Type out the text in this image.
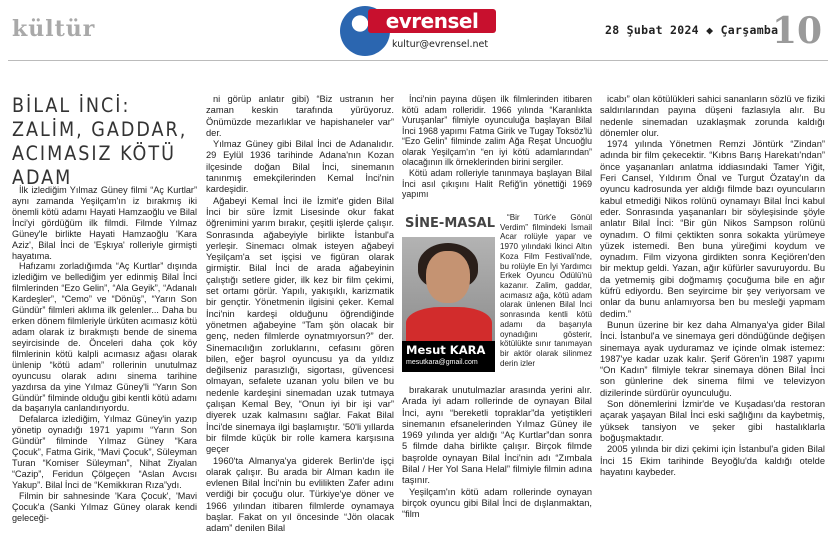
kültür	evrensel
kultur@evrensel.net
28 Şubat 2024 ◆ Çarşamba
10
BİLAL İNCİ: ZALİM, GADDAR, ACIMASIZ KÖTÜ ADAM

İlk izlediğim Yılmaz Güney filmi “Aç Kurtlar” aynı zamanda Yeşilçam'ın iz bırakmış iki önemli kötü adamı Hayati Hamzaoğlu ve Bilal İnci'yi gördüğüm ilk filmdi. Filmde Yılmaz Güney'le birlikte Hayati Hamzaoğlu 'Kara Aziz', Bilal İnci de 'Eşkıya' rolleriyle girmişti hayatıma.

Hafızamı zorladığımda “Aç Kurtlar” dışında izlediğim ve bellediğim yer edinmiş Bilal İnci filmlerinden “Ezo Gelin”, “Ala Geyik”, “Adanalı Kardeşler”, “Cemo” ve “Dönüş”, “Yarın Son Gündür” filmleri aklıma ilk gelenler... Daha bu erken dönem filmleriyle ürküten acımasız kötü adam olarak iz bırakmıştı bende de sinema seyircisinde de. Önceleri daha çok köy filmlerinin kötü kalpli acımasız ağası olarak ünlenip “kötü adam” rollerinin unutulmaz oyuncusu olarak adını sinema tarihine yazdırsa da yine Yılmaz Güney'li “Yarın Son Gündür” filminde olduğu gibi kentli kötü adamı da başarıyla canlandırıyordu.

Defalarca izlediğim, Yılmaz Güney'in yazıp yönetip oynadığı 1971 yapımı “Yarın Son Gündür” filminde Yılmaz Güney “Kara Çocuk”, Fatma Girik, “Mavi Çocuk”, Süleyman Turan “Komiser Süleyman”, Nihat Ziyalan “Cazip”, Feridun Çölgeçen “Aslan Avcısı Yakup”. Bilal İnci de “Kemikkıran Rıza”ydı.

Filmin bir sahnesinde 'Kara Çocuk', 'Mavi Çocuk'a (Sanki Yılmaz Güney olarak kendi geleceği-

ni görüp anlatır gibi) “Biz ustranın her zaman keskin tarafında yürüyoruz. Önümüzde mezarlıklar ve hapishaneler var” der.

Yılmaz Güney gibi Bilal İnci de Adanalıdır. 29 Eylül 1936 tarihinde Adana'nın Kozan ilçesinde doğan Bilal İnci, sinemanın tanınmış emekçilerinden Kemal İnci'nin kardeşidir.

Ağabeyi Kemal İnci ile İzmit'e giden Bilal İnci bir süre İzmit Lisesinde okur fakat öğrenimini yarım bırakır, çeşitli işlerde çalışır. Sonrasında ağabeyiyle birlikte İstanbul'a yerleşir. Sinemacı olmak isteyen ağabeyi Yeşilçam'a set işçisi ve figüran olarak girmiştir. Bilal İnci de arada ağabeyinin çalıştığı setlere gider, ilk kez bir film çekimi, set ortamı görür. Yapılı, yakışıklı, karizmatik bir gençtir. Yönetmenin ilgisini çeker. Kemal İnci'nin kardeşi olduğunu öğrendiğinde yönetmen ağabeyine “Tam şön olacak bir genç, neden filmlerde oynatmıyorsun?” der. Sinemacılığın zorluklarını, cefasını gören bilen, eğer başrol oyuncusu ya da yıldız değilseniz parasızlığı, sigortası, güvencesi olmayan, sefalete uzanan yolu bilen ve bu nedenle kardeşini sinemadan uzak tutmaya çalışan Kemal Bey, “Onun iyi bir işi var” diyerek uzak kalmasını sağlar. Fakat Bilal İnci'de sinemaya ilgi başlamıştır. '50'li yıllarda bir filmde küçük bir rolle kamera karşısına geçer

1960'ta Almanya'ya giderek Berlin'de işçi olarak çalışır. Bu arada bir Alman kadın ile evlenen Bilal İnci'nin bu evlilikten Zafer adını verdiği bir çocuğu olur. Türkiye'ye döner ve 1966 yılından itibaren filmlerde oynamaya başlar. Fakat on yıl öncesinde “Jön olacak adam” denilen Bilal

İnci'nin payına düşen ilk filmlerinden itibaren kötü adam rolleridir. 1966 yılında “Karanlıkta Vuruşanlar” filmiyle oyunculuğa başlayan Bilal İnci 1968 yapımı Fatma Girik ve Tugay Toksöz'lü “Ezo Gelin” filminde zalim Ağa Reşat Uncuoğlu olarak Yeşilçam'ın “en iyi kötü adamlarından” olacağının ilk örneklerinden birini sergiler.

Kötü adam rolleriyle tanınmaya başlayan Bilal İnci asıl çıkışını Halit Refiğ'in yönettiği 1969 yapımı

“Bir Türk'e Gönül Verdim” filmindeki İsmail Acar rolüyle yapar ve 1970 yılındaki İkinci Altın Koza Film Festivali'nde, bu rolüyle En İyi Yardımcı Erkek Oyuncu Ödülü'nü kazanır. Zalim, gaddar, acımasız ağa, kötü adam olarak ünlenen Bilal İnci sonrasında kentli kötü adamı da başarıyla oynadığını gösterir, kötülükte sınır tanımayan bir aktör olarak silinmez derin izler

bırakarak unutulmazlar arasında yerini alır. Arada iyi adam rollerinde de oynayan Bilal İnci, aynı “bereketli topraklar”da yetiştikleri sinemanın efsanelerinden Yılmaz Güney ile 1969 yılında yer aldığı “Aç Kurtlar”dan sonra 5 filmde daha birlikte çalışır. Birçok filmde başrolde oynayan Bilal İnci'nin adı “Zımbala Bilal / Her Yol Sana Helal” filmiyle filmin adına taşınır.

Yeşilçam'ın kötü adam rollerinde oynayan birçok oyuncu gibi Bilal İnci de dışlanmaktan, “film

icabı” olan kötülükleri sahici sananların sözlü ve fiziki saldırılarından payına düşeni fazlasıyla alır. Bu nedenle sinemadan uzaklaşmak zorunda kaldığı dönemler olur.

1974 yılında Yönetmen Remzi Jöntürk “Zindan” adında bir film çekecektir. “Kıbrıs Barış Harekatı'ndan” önce yaşananları anlatma iddiasındaki Tamer Yiğit, Feri Cansel, Yıldırım Önal ve Turgut Özatay'ın da oyuncu kadrosunda yer aldığı filmde bazı oyuncuların kabul etmediği Nikos rolünü oynamayı Bilal İnci kabul eder. Sonrasında yaşananları bir söyleşisinde şöyle anlatır Bilal İnci: “Bir gün Nikos Sampson rolünü oynadım. O filmi çektikten sonra sokakta yürümeye yüzek istemedi. Ben buna yüreğimi koydum ve oynadım. Film vizyona girdikten sonra Keçiören'den bir mektup geldi. Yazan, ağır küfürler savuruyordu. Bu da yetmemiş gibi doğmamış çocuğuma bile en ağır küfrü ediyordu. Ben seyircime bir şey veriyorsam ve onlar da bunu anlamıyorsa ben bu mesleği yapmam dedim.”

Bunun üzerine bir kez daha Almanya'ya gider Bilal İnci. İstanbul'a ve sinemaya geri döndüğünde değişen sinemaya ayak uyduramaz ve içinde olmak istemez: 1987'ye kadar uzak kalır. Şerif Gören'in 1987 yapımı “On Kadın” filmiyle tekrar sinemaya dönen Bilal İnci son günlerine dek sinema filmi ve televizyon dizilerinde sürdürür oyunculuğu.

Son dönemlerini İzmir'de ve Kuşadası'da restoran açarak yaşayan Bilal İnci eski sağlığını da kaybetmiş, yüksek tansiyon ve şeker gibi hastalıklarla boğuşmaktadır.

2005 yılında bir dizi çekimi için İstanbul'a giden Bilal İnci 15 Ekim tarihinde Beyoğlu'da kaldığı otelde hayatını kaybeder.

SİNE-MASAL
Mesut KARA
mesutkara@gmail.com
